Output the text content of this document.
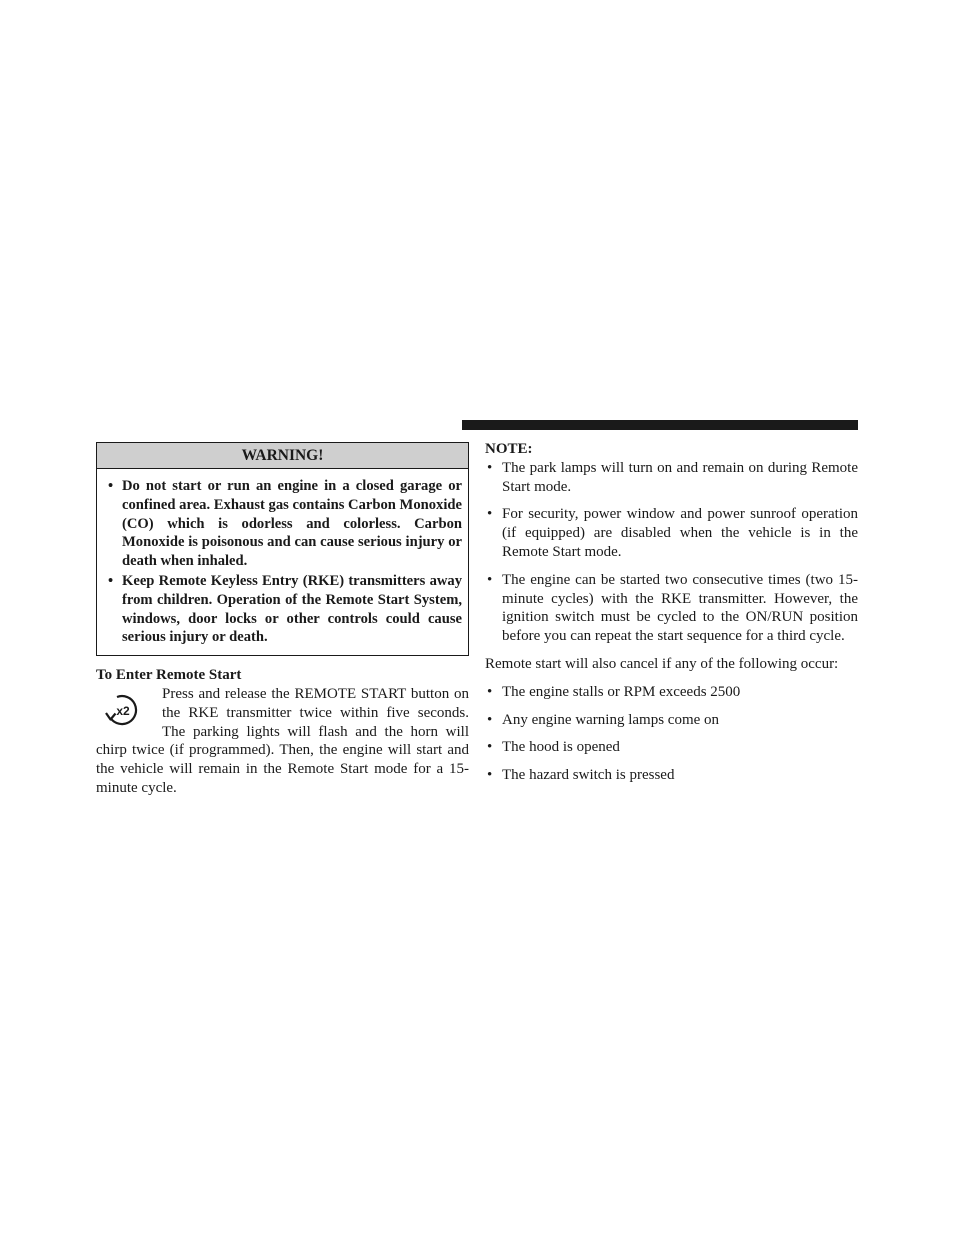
WARNING!
• Do not start or run an engine in a closed garage or confined area. Exhaust gas contains Carbon Monoxide (CO) which is odorless and colorless. Carbon Monoxide is poisonous and can cause serious injury or death when inhaled.
• Keep Remote Keyless Entry (RKE) transmitters away from children. Operation of the Remote Start System, windows, door locks or other controls could cause serious injury or death.
To Enter Remote Start
x2

Press and release the REMOTE START button on the RKE transmitter twice within five seconds. The parking lights will flash and the horn will chirp twice (if programmed). Then, the engine will start and the vehicle will remain in the Remote Start mode for a 15-minute cycle.

NOTE:

• The park lamps will turn on and remain on during Remote Start mode.
• For security, power window and power sunroof operation (if equipped) are disabled when the vehicle is in the Remote Start mode.
• The engine can be started two consecutive times (two 15-minute cycles) with the RKE transmitter. However, the ignition switch must be cycled to the ON/RUN position before you can repeat the start sequence for a third cycle.

Remote start will also cancel if any of the following occur:

• The engine stalls or RPM exceeds 2500
• Any engine warning lamps come on
• The hood is opened
• The hazard switch is pressed
